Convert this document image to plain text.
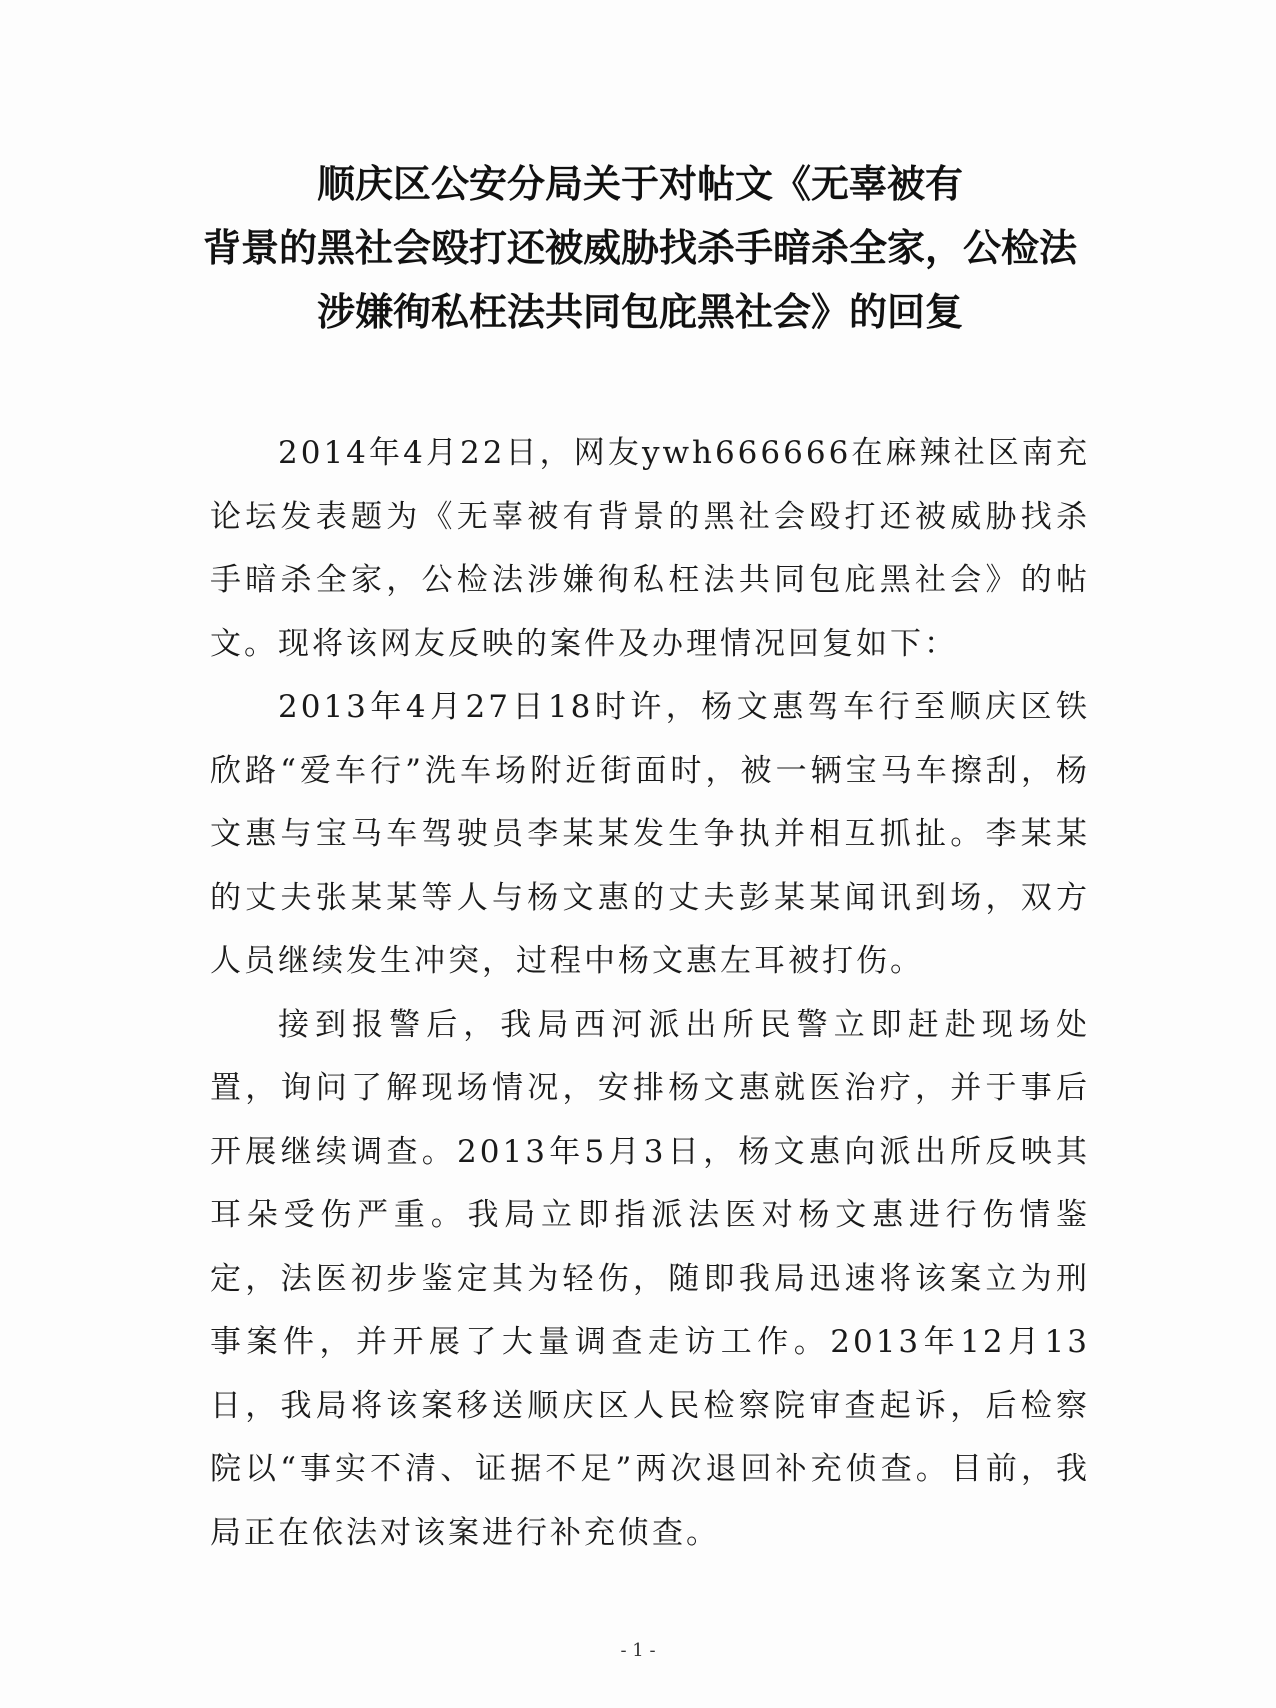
顺庆区公安分局关于对帖文《无辜被有
背景的黑社会殴打还被威胁找杀手暗杀全家，公检法
涉嫌徇私枉法共同包庇黑社会》的回复

2014年4月22日，网友ywh666666在麻辣社区南充论坛发表题为《无辜被有背景的黑社会殴打还被威胁找杀手暗杀全家，公检法涉嫌徇私枉法共同包庇黑社会》的帖文。现将该网友反映的案件及办理情况回复如下：

2013年4月27日18时许，杨文惠驾车行至顺庆区铁欣路“爱车行”洗车场附近街面时，被一辆宝马车擦刮，杨文惠与宝马车驾驶员李某某发生争执并相互抓扯。李某某的丈夫张某某等人与杨文惠的丈夫彭某某闻讯到场，双方人员继续发生冲突，过程中杨文惠左耳被打伤。

接到报警后，我局西河派出所民警立即赶赴现场处置，询问了解现场情况，安排杨文惠就医治疗，并于事后开展继续调查。2013年5月3日，杨文惠向派出所反映其耳朵受伤严重。我局立即指派法医对杨文惠进行伤情鉴定，法医初步鉴定其为轻伤，随即我局迅速将该案立为刑事案件，并开展了大量调查走访工作。2013年12月13日，我局将该案移送顺庆区人民检察院审查起诉，后检察院以“事实不清、证据不足”两次退回补充侦查。目前，我局正在依法对该案进行补充侦查。

- 1 -
